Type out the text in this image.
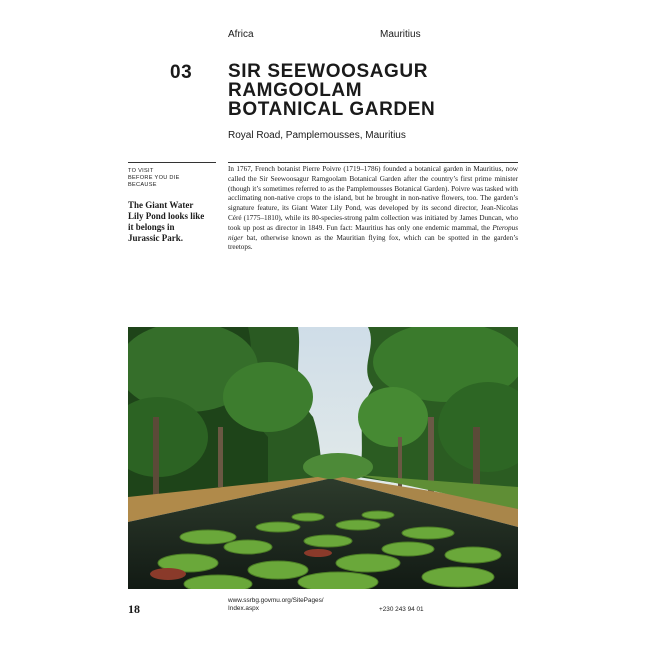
Africa	Mauritius
03 SIR SEEWOOSAGUR
RAMGOOLAM
BOTANICAL GARDEN
Royal Road, Pamplemousses, Mauritius
TO VISIT
BEFORE YOU DIE
BECAUSE
The Giant Water Lily Pond looks like it belongs in Jurassic Park.

In 1767, French botanist Pierre Poivre (1719–1786) founded a botanical garden in Mauritius, now called the Sir Seewoosagur Ramgoolam Botanical Garden after the country’s first prime minister (though it’s sometimes referred to as the Pamplemousses Botanical Garden). Poivre was tasked with acclimating non-native crops to the island, but he brought in non-native flowers, too. The garden’s signature feature, its Giant Water Lily Pond, was developed by its second director, Jean-Nicolas Céré (1775–1810), while its 80-species-strong palm collection was initiated by James Duncan, who took up post as director in 1849. Fun fact: Mauritius has only one endemic mammal, the Pteropus niger bat, otherwise known as the Mauritian flying fox, which can be spotted in the garden’s treetops.

18
www.ssrbg.govmu.org/SitePages/
Index.aspx	+230 243 94 01
